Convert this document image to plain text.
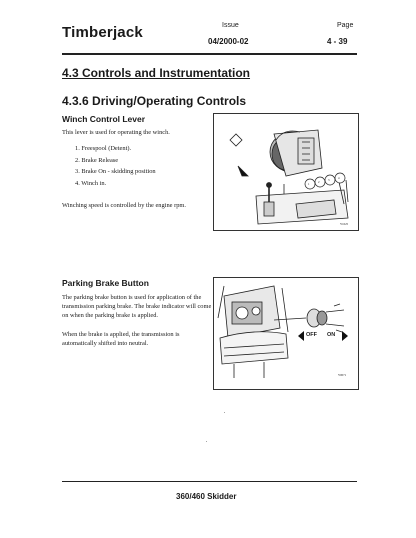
Timberjack	Issue
04/2000-02
Page
4 - 39
4.3 Controls and Instrumentation
4.3.6 Driving/Operating Controls
Winch Control Lever
This lever is used for operating the winch.
1. Freespool (Detent).
2. Brake Release
3. Brake On - skidding position
4. Winch in.
Winching speed is controlled by the engine rpm.
1	2	3	4
Y1025
Parking Brake Button
The parking brake button is used for application of the transmission parking brake. The brake indicator will come on when the parking brake is applied.
When the brake is applied, the transmission is automatically shifted into neutral.
OFF ON
Y0071
360/460 Skidder
